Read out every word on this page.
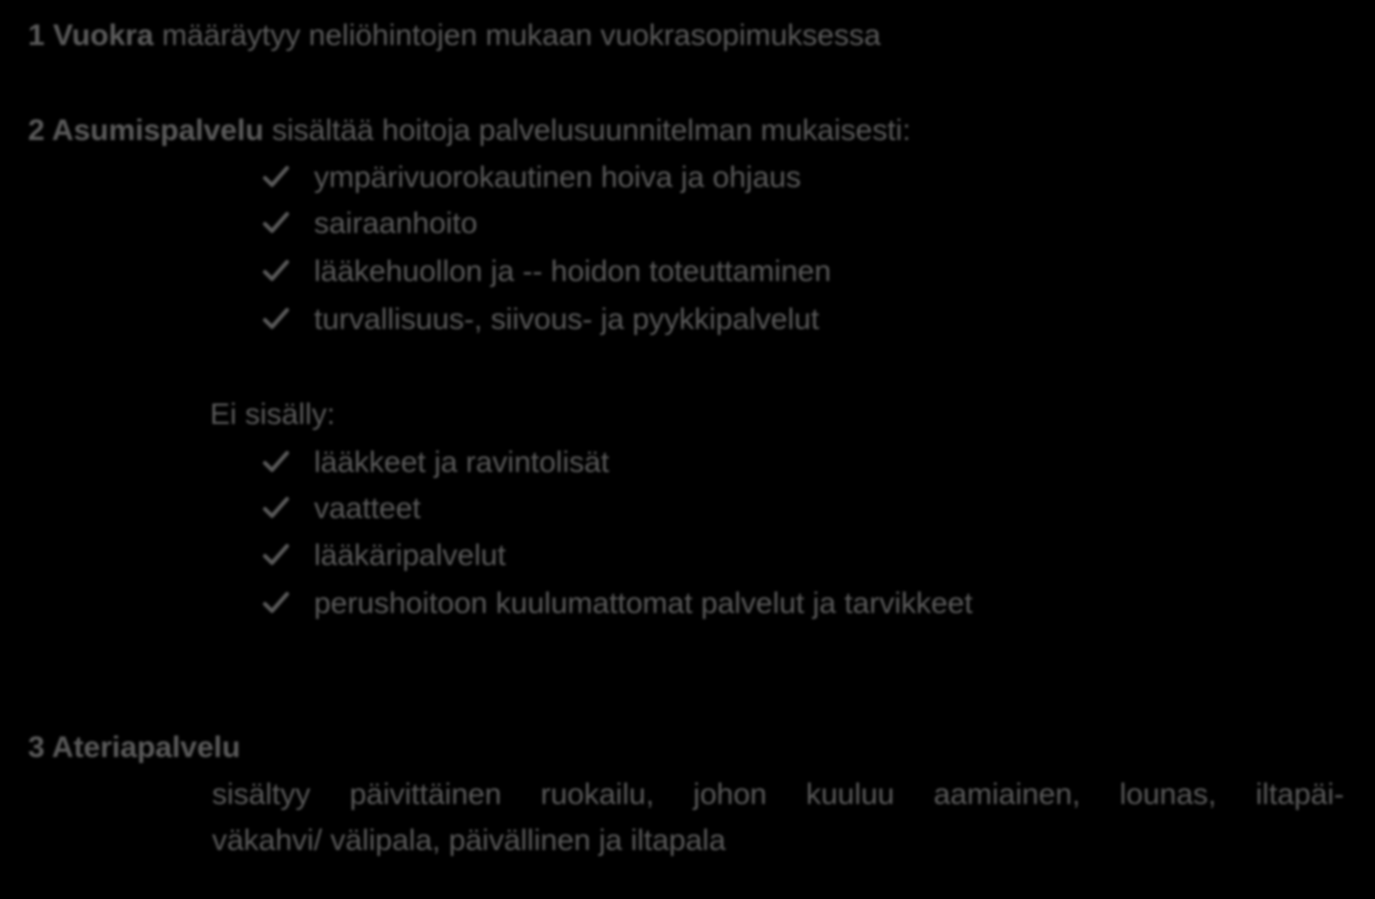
1 Vuokra määräytyy neliöhintojen mukaan vuokrasopimuksessa
2 Asumispalvelu sisältää hoitoja palvelusuunnitelman mukaisesti:
ympärivuorokautinen hoiva ja ohjaus
sairaanhoito
lääkehuollon ja -- hoidon toteuttaminen
turvallisuus-, siivous- ja pyykkipalvelut
Ei sisälly:
lääkkeet ja ravintolisät
vaatteet
lääkäripalvelut
perushoitoon kuulumattomat palvelut ja tarvikkeet
3 Ateriapalvelu
sisältyy päivittäinen ruokailu, johon kuuluu aamiainen, lounas, iltapäi-
väkahvi/ välipala, päivällinen ja iltapala
